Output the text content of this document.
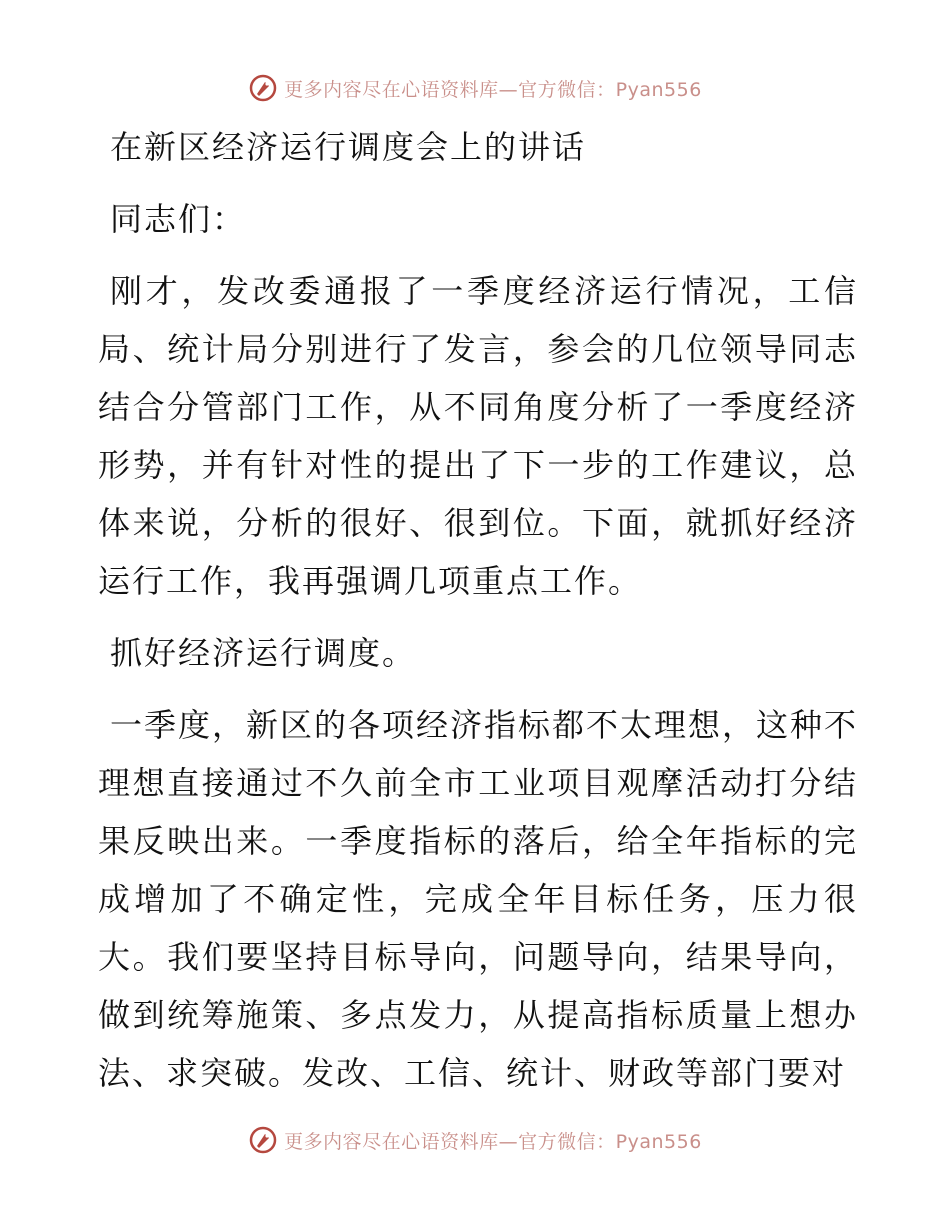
更多内容尽在心语资料库—官方微信：Pyan556

在新区经济运行调度会上的讲话

同志们：

刚才，发改委通报了一季度经济运行情况，工信局、统计局分别进行了发言，参会的几位领导同志结合分管部门工作，从不同角度分析了一季度经济形势，并有针对性的提出了下一步的工作建议，总体来说，分析的很好、很到位。下面，就抓好经济运行工作，我再强调几项重点工作。

抓好经济运行调度。

一季度，新区的各项经济指标都不太理想，这种不理想直接通过不久前全市工业项目观摩活动打分结果反映出来。一季度指标的落后，给全年指标的完成增加了不确定性，完成全年目标任务，压力很大。我们要坚持目标导向，问题导向，结果导向，做到统筹施策、多点发力，从提高指标质量上想办法、求突破。发改、工信、统计、财政等部门要对

更多内容尽在心语资料库—官方微信：Pyan556
